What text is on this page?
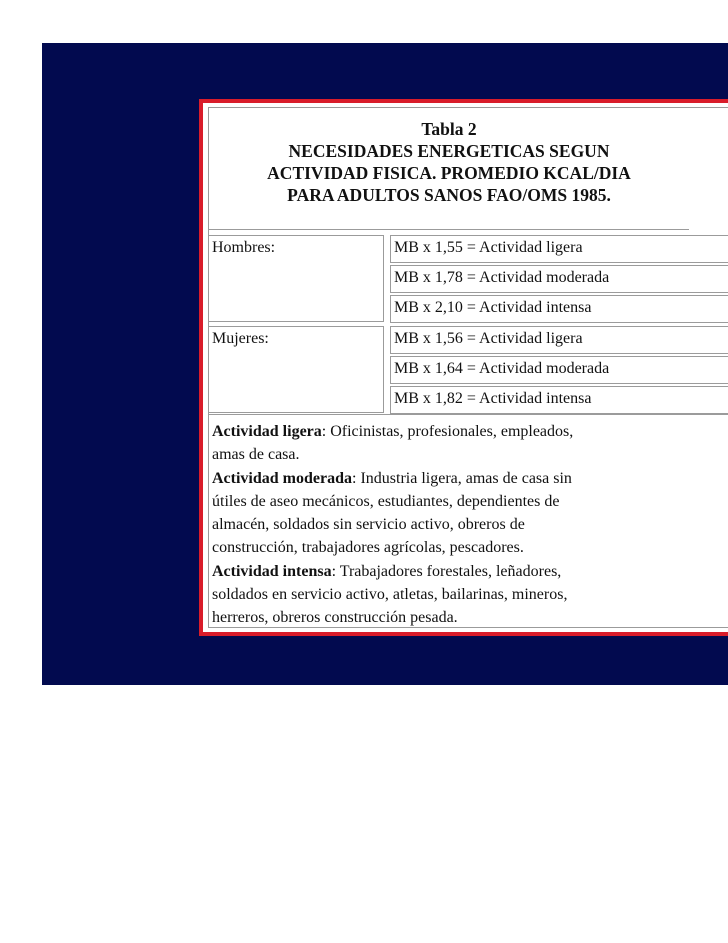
Tabla 2
NECESIDADES ENERGETICAS SEGUN
ACTIVIDAD FISICA. PROMEDIO KCAL/DIA
PARA ADULTOS SANOS FAO/OMS 1985.
Hombres:	MB x 1,55 = Actividad ligera
MB x 1,78 = Actividad moderada
MB x 2,10 = Actividad intensa
Mujeres:	MB x 1,56 = Actividad ligera
MB x 1,64 = Actividad moderada
MB x 1,82 = Actividad intensa
Actividad ligera: Oficinistas, profesionales, empleados,
amas de casa.
Actividad moderada: Industria ligera, amas de casa sin
útiles de aseo mecánicos, estudiantes, dependientes de
almacén, soldados sin servicio activo, obreros de
construcción, trabajadores agrícolas, pescadores.
Actividad intensa: Trabajadores forestales, leñadores,
soldados en servicio activo, atletas, bailarinas, mineros,
herreros, obreros construcción pesada.
